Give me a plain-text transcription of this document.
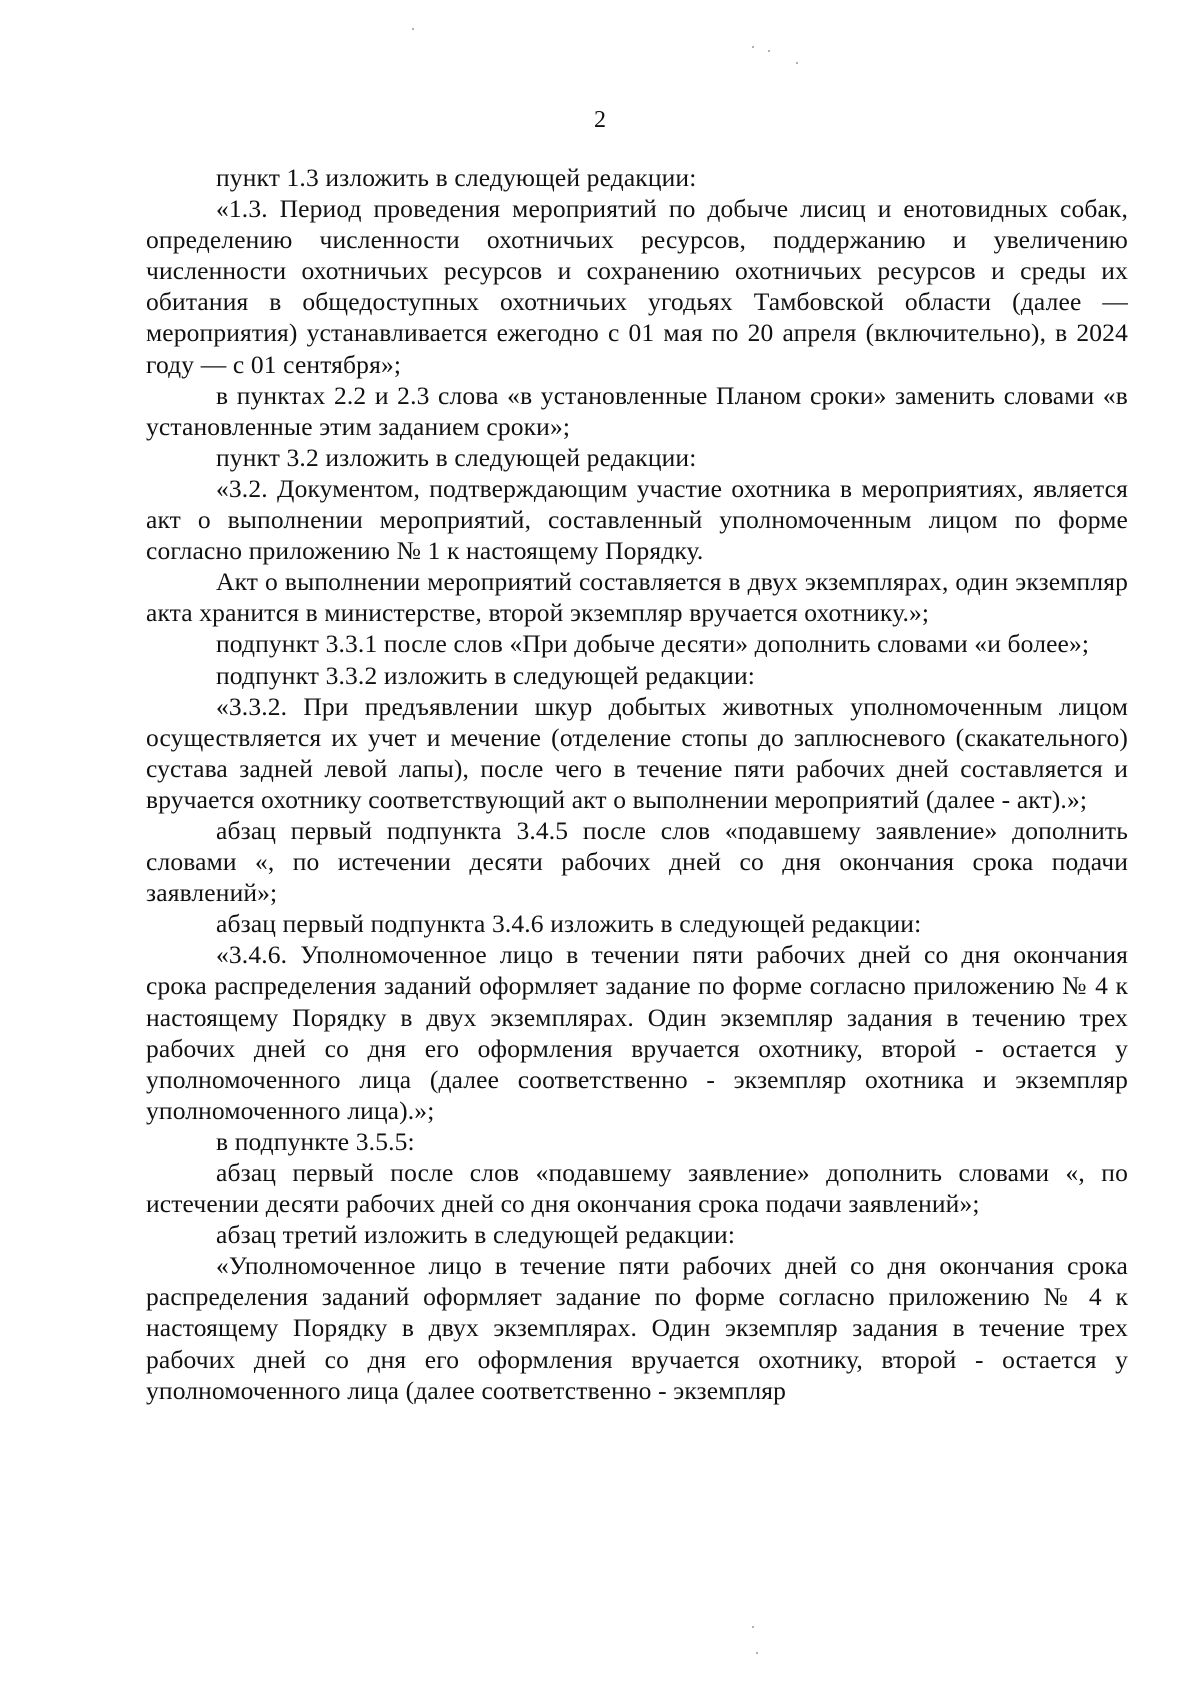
2

пункт 1.3 изложить в следующей редакции:

«1.3. Период проведения мероприятий по добыче лисиц и енотовидных собак, определению численности охотничьих ресурсов, поддержанию и увеличению численности охотничьих ресурсов и сохранению охотничьих ресурсов и среды их обитания в общедоступных охотничьих угодьях Тамбовской области (далее — мероприятия) устанавливается ежегодно с 01 мая по 20 апреля (включительно), в 2024 году — с 01 сентября»;

в пунктах 2.2 и 2.3 слова «в установленные Планом сроки» заменить словами «в установленные этим заданием сроки»;

пункт 3.2 изложить в следующей редакции:

«3.2. Документом, подтверждающим участие охотника в мероприятиях, является акт о выполнении мероприятий, составленный уполномоченным лицом по форме согласно приложению № 1 к настоящему Порядку.

Акт о выполнении мероприятий составляется в двух экземплярах, один экземпляр акта хранится в министерстве, второй экземпляр вручается охотнику.»;

подпункт 3.3.1 после слов «При добыче десяти» дополнить словами «и более»;

подпункт 3.3.2 изложить в следующей редакции:

«3.3.2. При предъявлении шкур добытых животных уполномоченным лицом осуществляется их учет и мечение (отделение стопы до заплюсневого (скакательного) сустава задней левой лапы), после чего в течение пяти рабочих дней составляется и вручается охотнику соответствующий акт о выполнении мероприятий (далее - акт).»;

абзац первый подпункта 3.4.5 после слов «подавшему заявление» дополнить словами «, по истечении десяти рабочих дней со дня окончания срока подачи заявлений»;

абзац первый подпункта 3.4.6 изложить в следующей редакции:

«3.4.6. Уполномоченное лицо в течении пяти рабочих дней со дня окончания срока распределения заданий оформляет задание по форме согласно приложению № 4 к настоящему Порядку в двух экземплярах. Один экземпляр задания в течению трех рабочих дней со дня его оформления вручается охотнику, второй - остается у уполномоченного лица (далее соответственно - экземпляр охотника и экземпляр уполномоченного лица).»;

в подпункте 3.5.5:

абзац первый после слов «подавшему заявление» дополнить словами «, по истечении десяти рабочих дней со дня окончания срока подачи заявлений»;

абзац третий изложить в следующей редакции:

«Уполномоченное лицо в течение пяти рабочих дней со дня окончания срока распределения заданий оформляет задание по форме согласно приложению № 4 к настоящему Порядку в двух экземплярах. Один экземпляр задания в течение трех рабочих дней со дня его оформления вручается охотнику, второй - остается у уполномоченного лица (далее соответственно - экземпляр
